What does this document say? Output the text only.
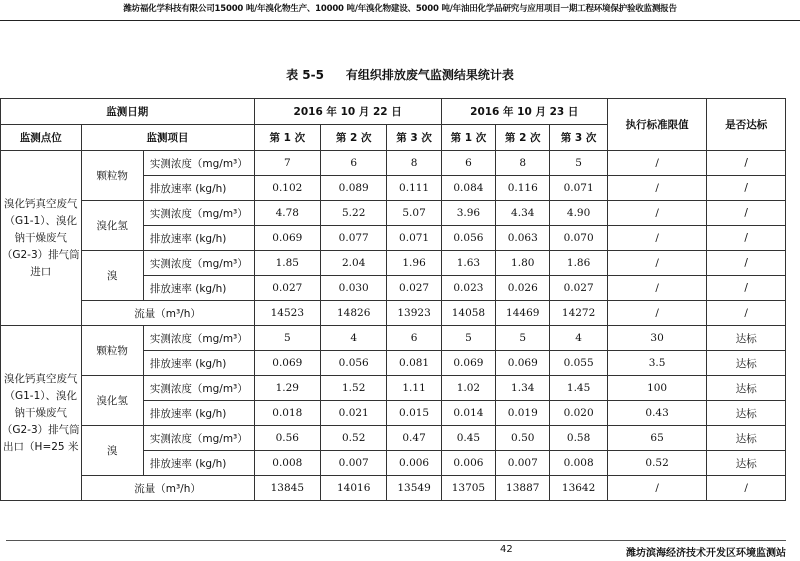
潍坊福化学科技有限公司15000 吨/年溴化物生产、10000 吨/年溴化物建设、5000 吨/年油田化学品研究与应用项目一期工程环境保护验收监测报告
表 5-5 有组织排放废气监测结果统计表
监测日期			2016 年 10 月 22 日			2016 年 10 月 23 日			执行标准限值	是否达标
监测点位	监测项目		第 1 次	第 2 次	第 3 次	第 1 次	第 2 次	第 3 次		
溴化钙真空废气（G1-1）、溴化钠干燥废气（G2-3）排气筒进口	颗粒物	实测浓度（mg/m³）	7	6	8	6	8	5	/	/
		排放速率 (kg/h)	0.102	0.089	0.111	0.084	0.116	0.071	/	/
	溴化氢	实测浓度（mg/m³）	4.78	5.22	5.07	3.96	4.34	4.90	/	/
		排放速率 (kg/h)	0.069	0.077	0.071	0.056	0.063	0.070	/	/
	溴	实测浓度（mg/m³）	1.85	2.04	1.96	1.63	1.80	1.86	/	/
		排放速率 (kg/h)	0.027	0.030	0.027	0.023	0.026	0.027	/	/
	流量（m³/h）		14523	14826	13923	14058	14469	14272	/	/
溴化钙真空废气（G1-1）、溴化钠干燥废气（G2-3）排气筒出口（H=25 米	颗粒物	实测浓度（mg/m³）	5	4	6	5	5	4	30	达标
		排放速率 (kg/h)	0.069	0.056	0.081	0.069	0.069	0.055	3.5	达标
	溴化氢	实测浓度（mg/m³）	1.29	1.52	1.11	1.02	1.34	1.45	100	达标
		排放速率 (kg/h)	0.018	0.021	0.015	0.014	0.019	0.020	0.43	达标
	溴	实测浓度（mg/m³）	0.56	0.52	0.47	0.45	0.50	0.58	65	达标
		排放速率 (kg/h)	0.008	0.007	0.006	0.006	0.007	0.008	0.52	达标
	流量（m³/h）		13845	14016	13549	13705	13887	13642	/	/
42	潍坊滨海经济技术开发区环境监测站
